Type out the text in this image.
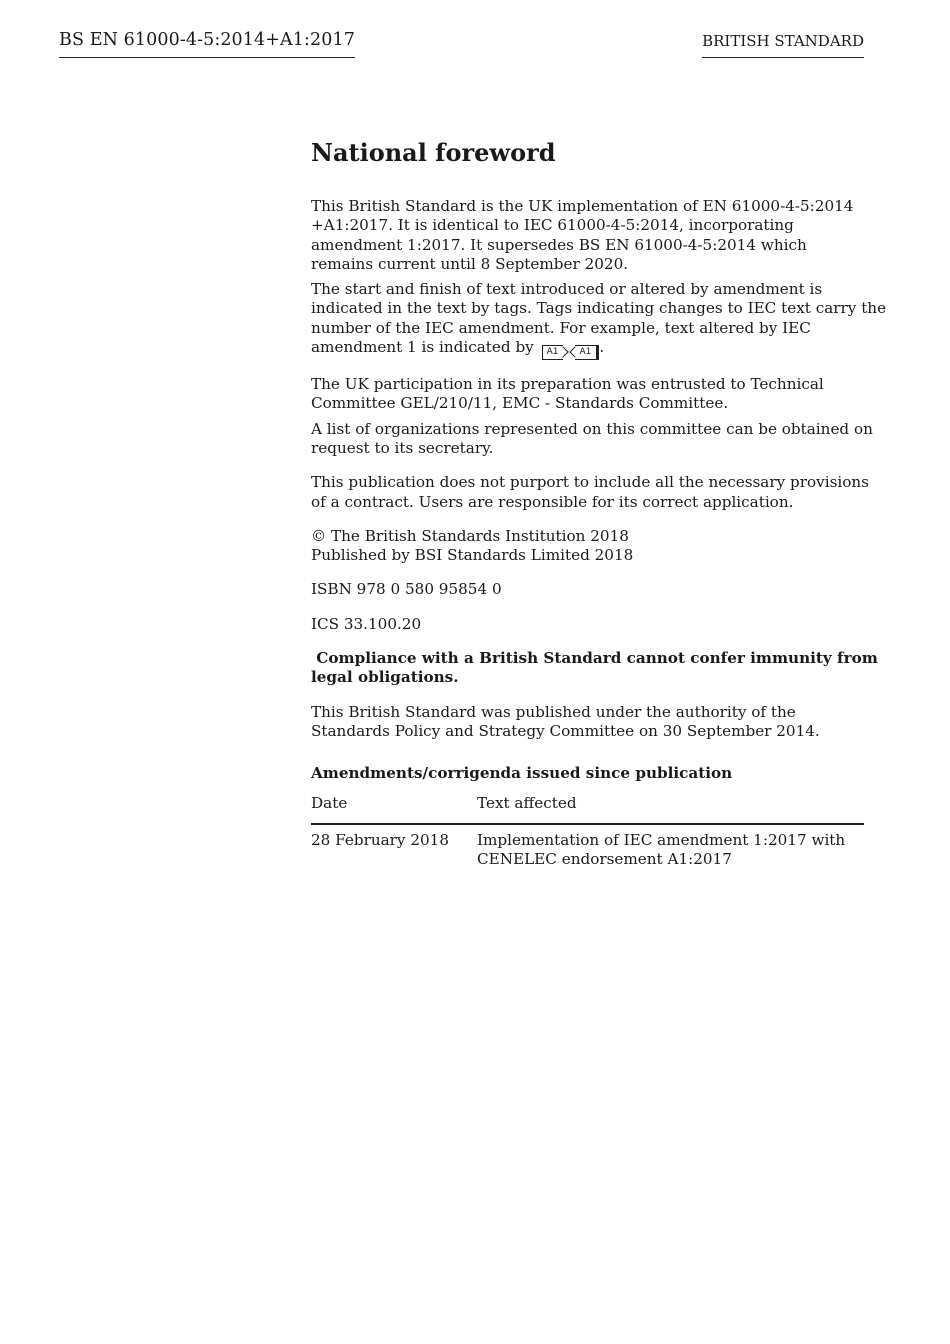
BS EN 61000-4-5:2014+A1:2017	BRITISH STANDARD
National foreword

This British Standard is the UK implementation of EN 61000-4-5:2014

+A1:2017. It is identical to IEC 61000-4-5:2014, incorporating

amendment 1:2017. It supersedes BS EN 61000-4-5:2014 which

remains current until 8 September 2020.

The start and finish of text introduced or altered by amendment is

indicated in the text by tags. Tags indicating changes to IEC text carry the

number of the IEC amendment. For example, text altered by IEC

amendment 1 is indicated by A1 A1 .

The UK participation in its preparation was entrusted to Technical

Committee GEL/210/11, EMC - Standards Committee.

A list of organizations represented on this committee can be obtained on

request to its secretary.

This publication does not purport to include all the necessary provisions

of a contract. Users are responsible for its correct application.

© The British Standards Institution 2018

Published by BSI Standards Limited 2018

ISBN 978 0 580 95854 0

ICS 33.100.20

Compliance with a British Standard cannot confer immunity from

legal obligations.

This British Standard was published under the authority of the

Standards Policy and Strategy Committee on 30 September 2014.

Amendments/corrigenda issued since publication
Date	Text affected
28 February 2018	Implementation of IEC amendment 1:2017 with
CENELEC endorsement A1:2017
